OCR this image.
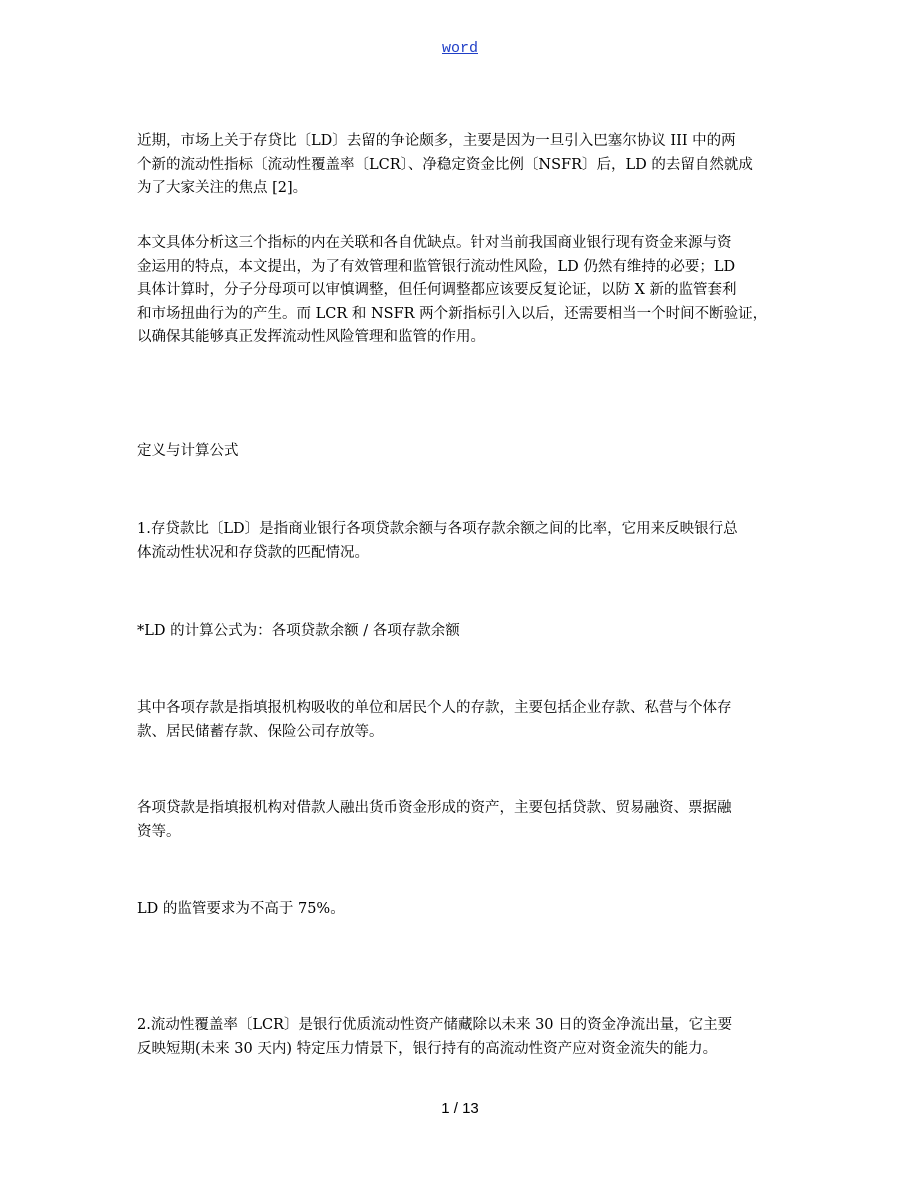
word
近期，市场上关于存贷比〔LD〕去留的争论颇多，主要是因为一旦引入巴塞尔协议 III 中的两
个新的流动性指标〔流动性覆盖率〔LCR〕、净稳定资金比例〔NSFR〕后，LD 的去留自然就成
为了大家关注的焦点 [2]。
本文具体分析这三个指标的内在关联和各自优缺点。针对当前我国商业银行现有资金来源与资
金运用的特点，本文提出，为了有效管理和监管银行流动性风险，LD 仍然有维持的必要；LD
具体计算时，分子分母项可以审慎调整，但任何调整都应该要反复论证，以防 X 新的监管套利
和市场扭曲行为的产生。而 LCR 和 NSFR 两个新指标引入以后，还需要相当一个时间不断验证，
以确保其能够真正发挥流动性风险管理和监管的作用。
定义与计算公式
1.存贷款比〔LD〕是指商业银行各项贷款余额与各项存款余额之间的比率，它用来反映银行总
体流动性状况和存贷款的匹配情况。
*LD 的计算公式为：各项贷款余额 / 各项存款余额
其中各项存款是指填报机构吸收的单位和居民个人的存款，主要包括企业存款、私营与个体存
款、居民储蓄存款、保险公司存放等。
各项贷款是指填报机构对借款人融出货币资金形成的资产，主要包括贷款、贸易融资、票据融
资等。
LD 的监管要求为不高于 75%。
2.流动性覆盖率〔LCR〕是银行优质流动性资产储藏除以未来 30 日的资金净流出量，它主要
反映短期(未来 30 天内) 特定压力情景下，银行持有的高流动性资产应对资金流失的能力。
1 / 13
